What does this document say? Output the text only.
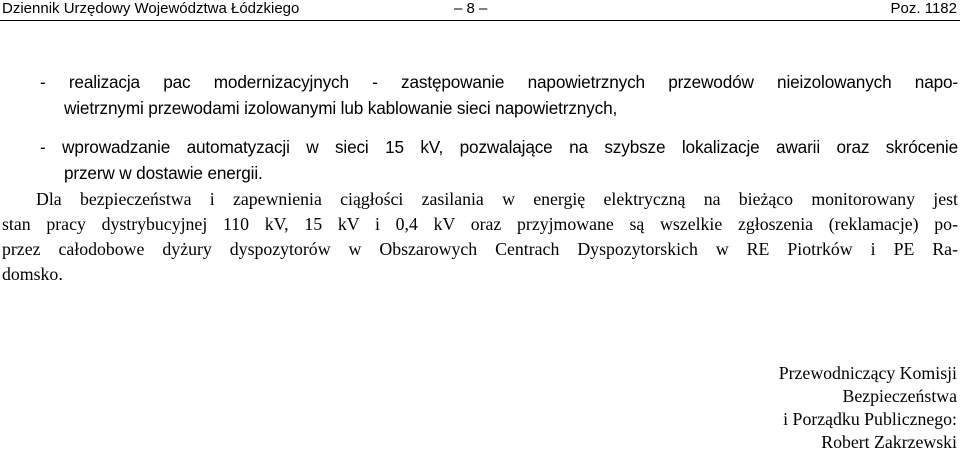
Dziennik Urzędowy Województwa Łódzkiego	– 8 –	Poz. 1182
- realizacja pac modernizacyjnych - zastępowanie napowietrznych przewodów nieizolowanych napo-
wietrznymi przewodami izolowanymi lub kablowanie sieci napowietrznych,
- wprowadzanie automatyzacji w sieci 15 kV, pozwalające na szybsze lokalizacje awarii oraz skrócenie
przerw w dostawie energii.
Dla bezpieczeństwa i zapewnienia ciągłości zasilania w energię elektryczną na bieżąco monitorowany jest
stan pracy dystrybucyjnej 110 kV, 15 kV i 0,4 kV oraz przyjmowane są wszelkie zgłoszenia (reklamacje) po-
przez całodobowe dyżury dyspozytorów w Obszarowych Centrach Dyspozytorskich w RE Piotrków i PE Ra-
domsko.
Przewodniczący Komisji
Bezpieczeństwa
i Porządku Publicznego:
Robert Zakrzewski
